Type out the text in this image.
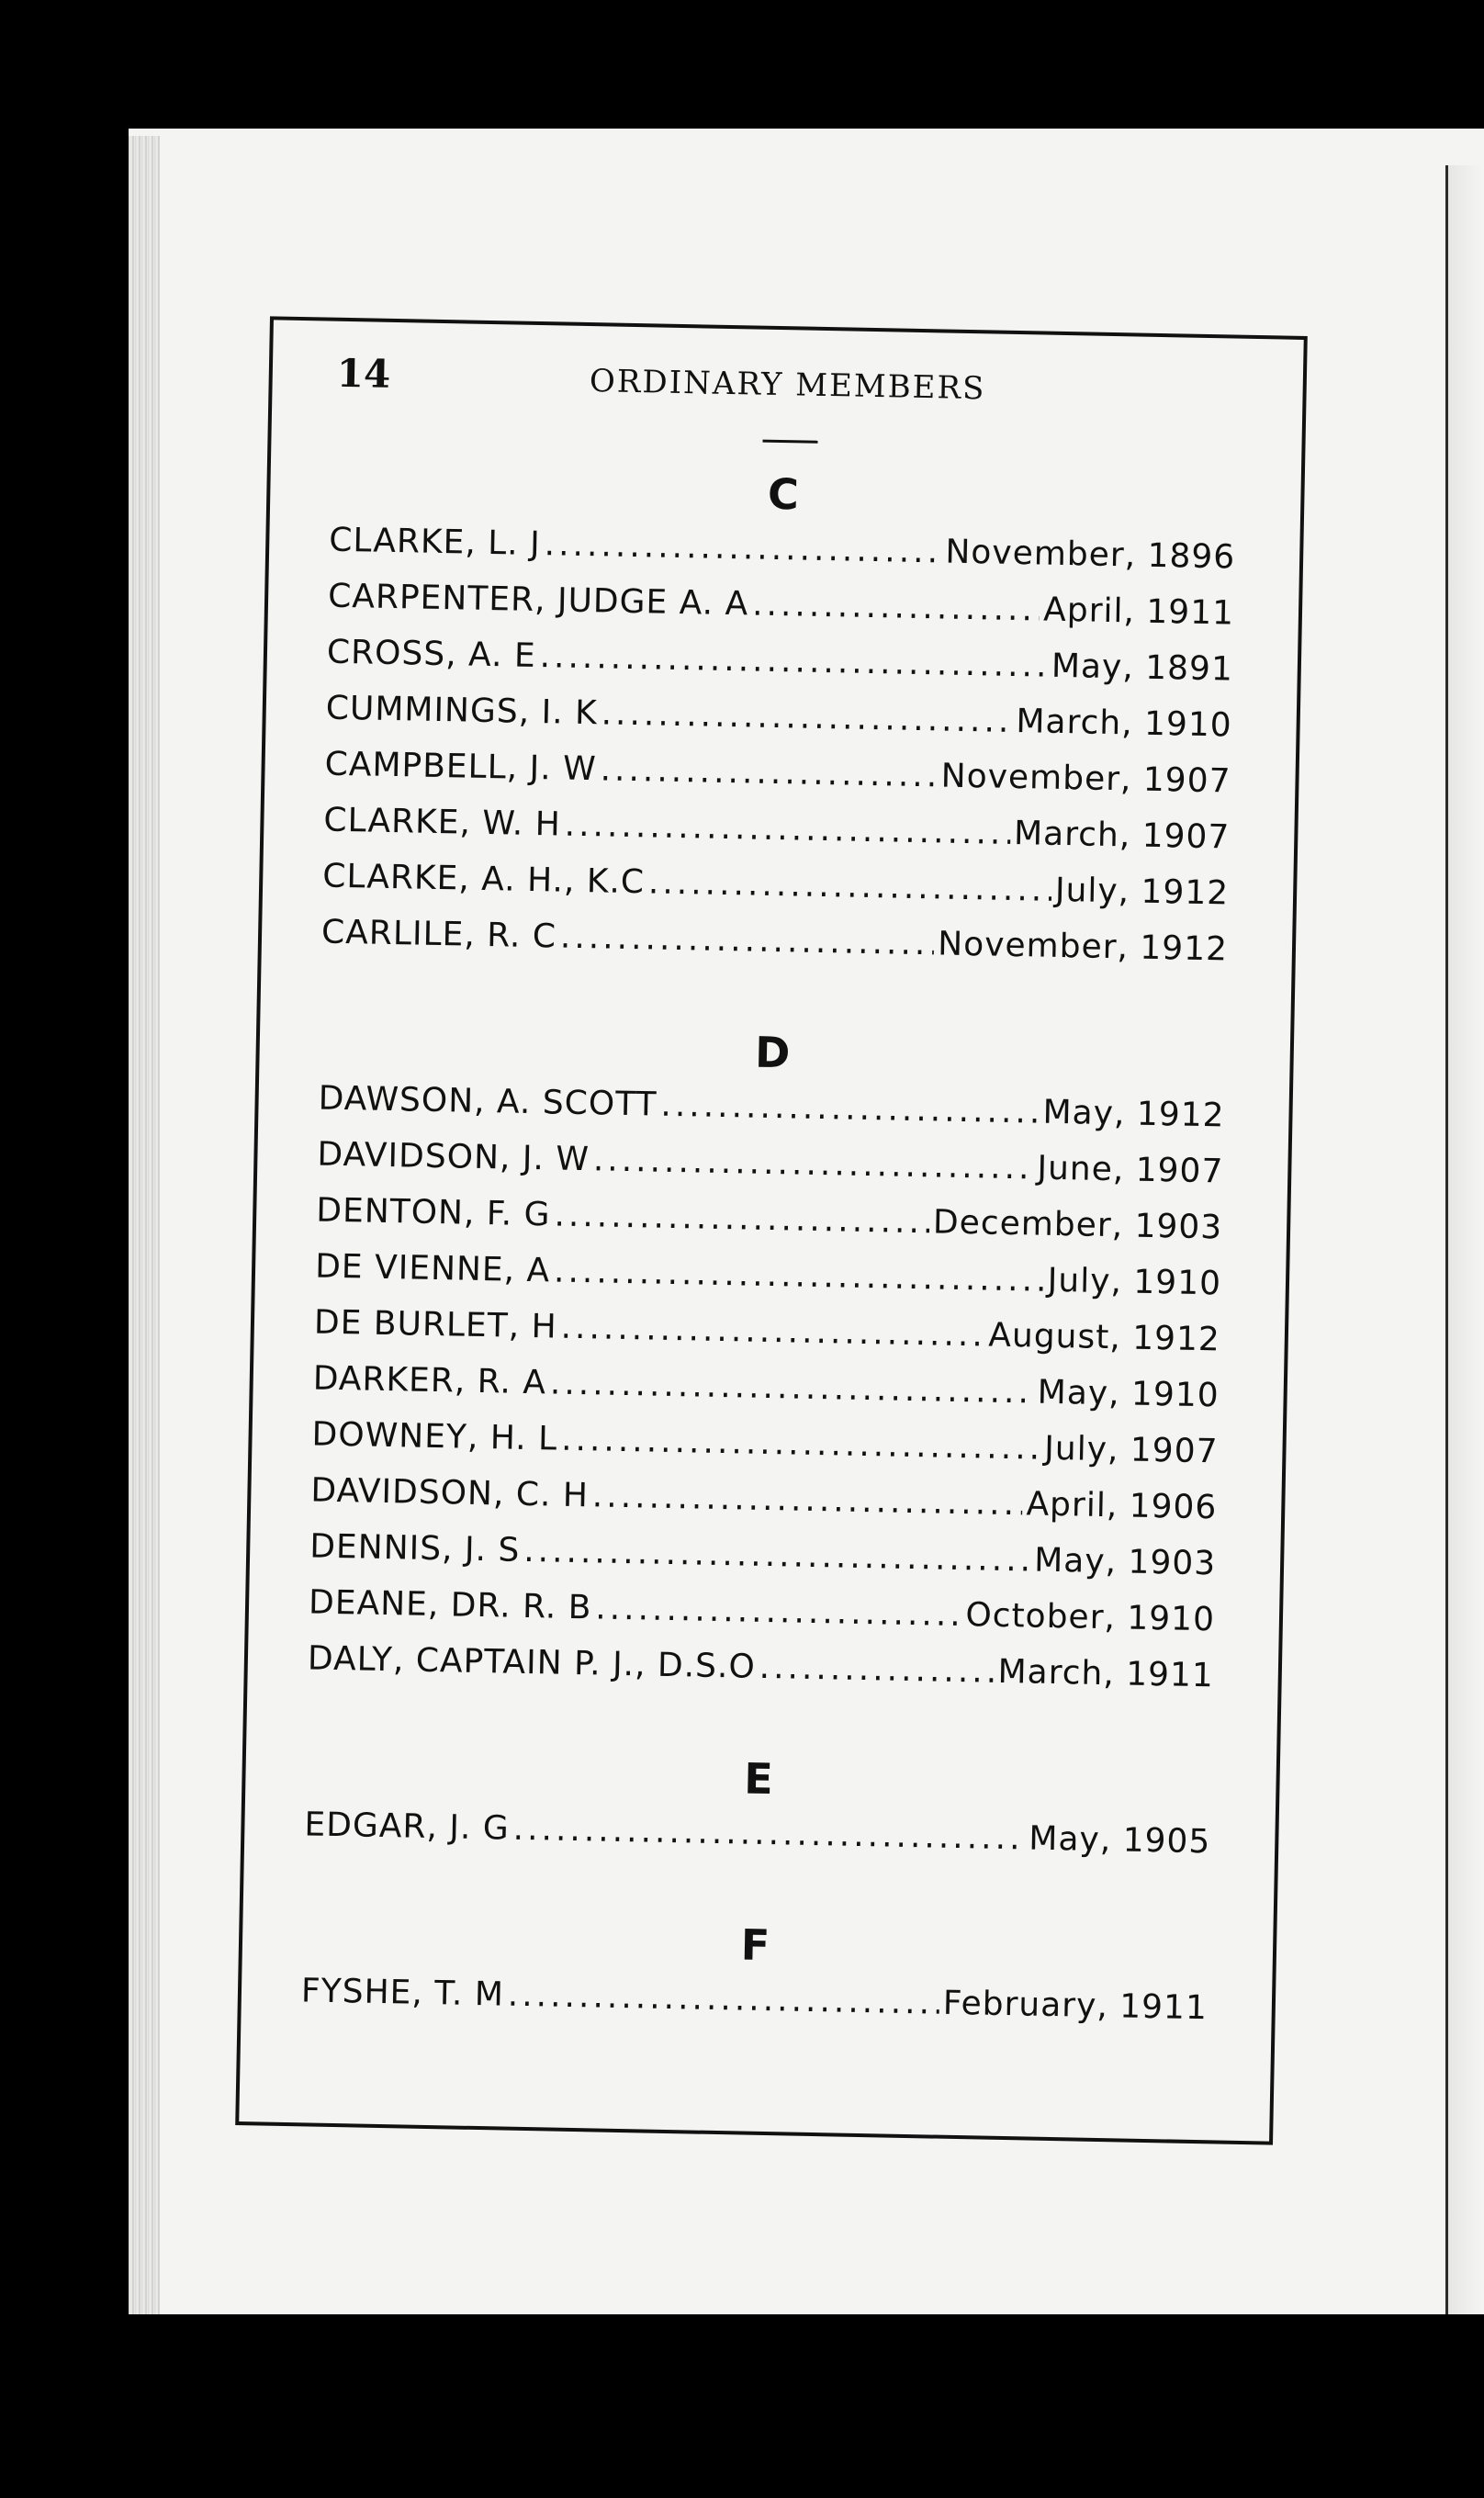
14	ORDINARY MEMBERS
C
CLARKE, L. J .....	November, 1896
CARPENTER, JUDGE A. A .....	April, 1911
CROSS, A. E .....	May, 1891
CUMMINGS, I. K .....	March, 1910
CAMPBELL, J. W .....	November, 1907
CLARKE, W. H .....	March, 1907
CLARKE, A. H., K.C .....	July, 1912
CARLILE, R. C .....	November, 1912
D
DAWSON, A. SCOTT .....	May, 1912
DAVIDSON, J. W .....	June, 1907
DENTON, F. G .....	December, 1903
DE VIENNE, A .....	July, 1910
DE BURLET, H .....	August, 1912
DARKER, R. A .....	May, 1910
DOWNEY, H. L .....	July, 1907
DAVIDSON, C. H .....	April, 1906
DENNIS, J. S .....	May, 1903
DEANE, DR. R. B .....	October, 1910
DALY, CAPTAIN P. J., D.S.O .....	March, 1911
E
EDGAR, J. G .....	May, 1905
F
FYSHE, T. M .....	February, 1911
